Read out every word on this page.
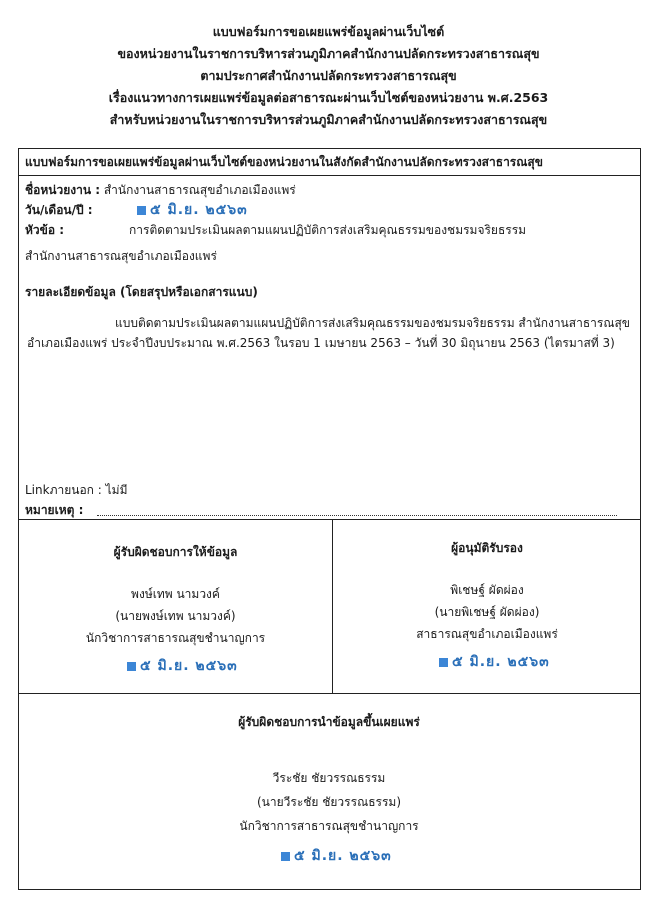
แบบฟอร์มการขอเผยแพร่ข้อมูลผ่านเว็บไซต์
ของหน่วยงานในราชการบริหารส่วนภูมิภาคสำนักงานปลัดกระทรวงสาธารณสุข
ตามประกาศสำนักงานปลัดกระทรวงสาธารณสุข
เรื่องแนวทางการเผยแพร่ข้อมูลต่อสาธารณะผ่านเว็บไซต์ของหน่วยงาน พ.ศ.2563
สำหรับหน่วยงานในราชการบริหารส่วนภูมิภาคสำนักงานปลัดกระทรวงสาธารณสุข
แบบฟอร์มการขอเผยแพร่ข้อมูลผ่านเว็บไซต์ของหน่วยงานในสังกัดสำนักงานปลัดกระทรวงสาธารณสุข
ชื่อหน่วยงาน : สำนักงานสาธารณสุขอำเภอเมืองแพร่
วัน/เดือน/ปี :	๕ มิ.ย. ๒๕๖๓
หัวข้อ :	การติดตามประเมินผลตามแผนปฏิบัติการส่งเสริมคุณธรรมของชมรมจริยธรรม
สำนักงานสาธารณสุขอำเภอเมืองแพร่
รายละเอียดข้อมูล (โดยสรุปหรือเอกสารแนบ)
แบบติดตามประเมินผลตามแผนปฏิบัติการส่งเสริมคุณธรรมของชมรมจริยธรรม สำนักงานสาธารณสุขอำเภอเมืองแพร่ ประจำปีงบประมาณ พ.ศ.2563 ในรอบ 1 เมษายน 2563 – วันที่ 30 มิถุนายน 2563 (ไตรมาสที่ 3)
Linkภายนอก : ไม่มี
หมายเหตุ :
ผู้รับผิดชอบการให้ข้อมูล
พงษ์เทพ นามวงค์
(นายพงษ์เทพ นามวงค์)
นักวิชาการสาธารณสุขชำนาญการ
๕ มิ.ย. ๒๕๖๓
ผู้อนุมัติรับรอง
พิเชษฐ์ ผัดผ่อง
(นายพิเชษฐ์ ผัดผ่อง)
สาธารณสุขอำเภอเมืองแพร่
๕ มิ.ย. ๒๕๖๓
ผู้รับผิดชอบการนำข้อมูลขึ้นเผยแพร่
วีระชัย ชัยวรรณธรรม
(นายวีระชัย ชัยวรรณธรรม)
นักวิชาการสาธารณสุขชำนาญการ
๕ มิ.ย. ๒๕๖๓
